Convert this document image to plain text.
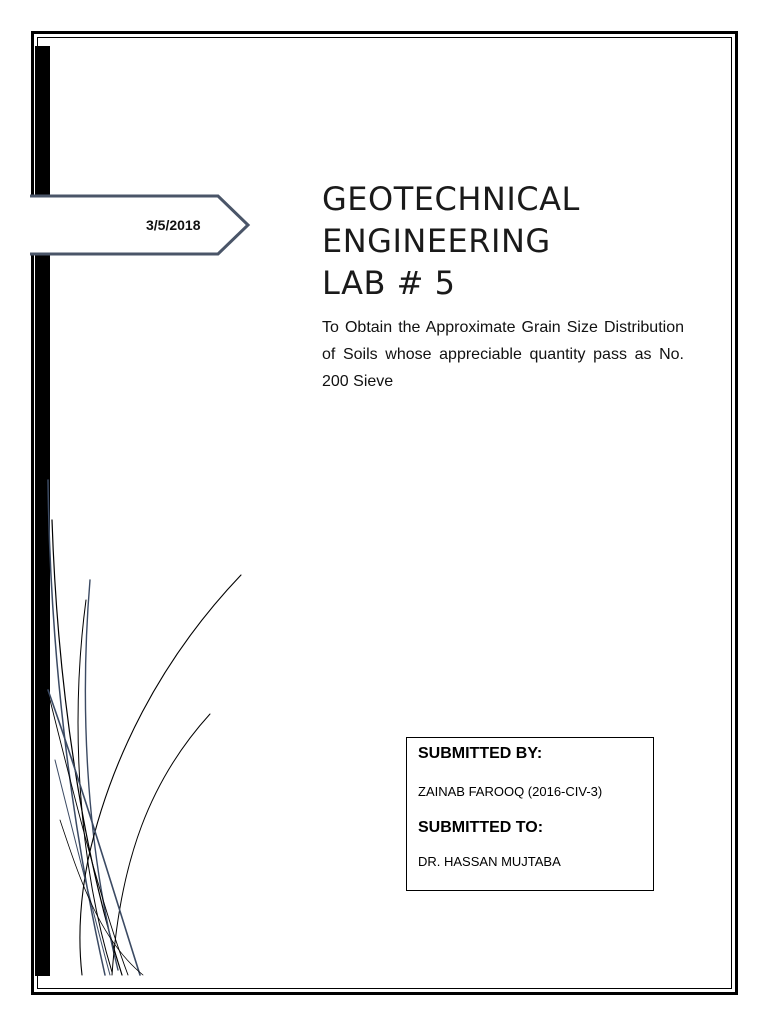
3/5/2018
GEOTECHNICAL
ENGINEERING
LAB # 5
To Obtain the Approximate Grain Size Distribution of Soils whose appreciable quantity pass as No. 200 Sieve

SUBMITTED BY:

ZAINAB FAROOQ (2016-CIV-3)

SUBMITTED TO:

DR. HASSAN MUJTABA
